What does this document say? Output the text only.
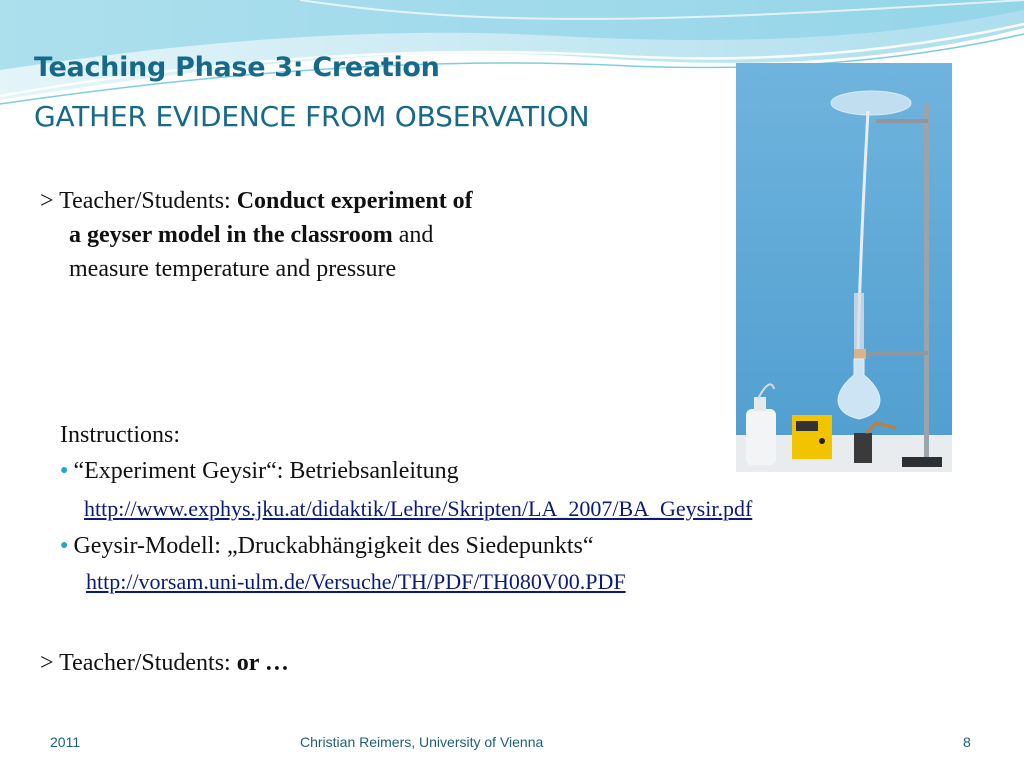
Teaching Phase 3: Creation
GATHER EVIDENCE FROM OBSERVATION
> Teacher/Students: Conduct experiment of
a geyser model in the classroom and
measure temperature and pressure
Instructions:
● “Experiment Geysir“: Betriebsanleitung
http://www.exphys.jku.at/didaktik/Lehre/Skripten/LA_2007/BA_Geysir.pdf
● Geysir-Modell: „Druckabhängigkeit des Siedepunkts“
http://vorsam.uni-ulm.de/Versuche/TH/PDF/TH080V00.PDF
> Teacher/Students: or …
2011	Christian Reimers, University of Vienna	8
